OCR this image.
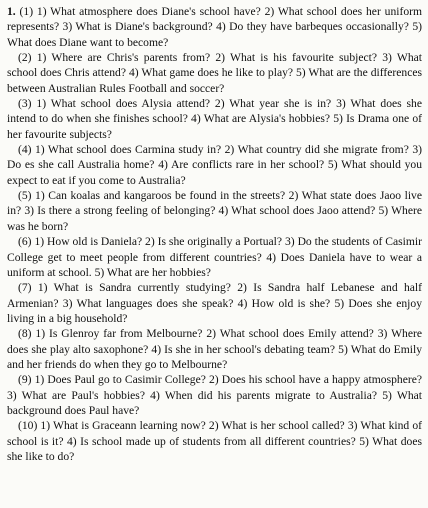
1. (1) 1) What atmosphere does Diane's school have? 2) What school does her uniform represents? 3) What is Diane's background? 4) Do they have barbeques occasionally? 5) What does Diane want to become?

(2) 1) Where are Chris's parents from? 2) What is his favourite subject? 3) What school does Chris attend? 4) What game does he like to play? 5) What are the differences between Australian Rules Football and soccer?

(3) 1) What school does Alysia attend? 2) What year she is in? 3) What does she intend to do when she finishes school? 4) What are Alysia's hobbies? 5) Is Drama one of her favourite subjects?

(4) 1) What school does Carmina study in? 2) What country did she migrate from? 3) Do es she call Australia home? 4) Are conflicts rare in her school? 5) What should you expect to eat if you come to Australia?

(5) 1) Can koalas and kangaroos be found in the streets? 2) What state does Jaoo live in? 3) Is there a strong feeling of belonging? 4) What school does Jaoo attend? 5) Where was he born?

(6) 1) How old is Daniela? 2) Is she originally a Portual? 3) Do the students of Casimir College get to meet people from different countries? 4) Does Daniela have to wear a uniform at school. 5) What are her hobbies?

(7) 1) What is Sandra currently studying? 2) Is Sandra half Lebanese and half Armenian? 3) What languages does she speak? 4) How old is she? 5) Does she enjoy living in a big household?

(8) 1) Is Glenroy far from Melbourne? 2) What school does Emily attend? 3) Where does she play alto saxophone? 4) Is she in her school's debating team? 5) What do Emily and her friends do when they go to Melbourne?

(9) 1) Does Paul go to Casimir College? 2) Does his school have a happy atmosphere? 3) What are Paul's hobbies? 4) When did his parents migrate to Australia? 5) What background does Paul have?

(10) 1) What is Graceann learning now? 2) What is her school called? 3) What kind of school is it? 4) Is school made up of students from all different countries? 5) What does she like to do?
